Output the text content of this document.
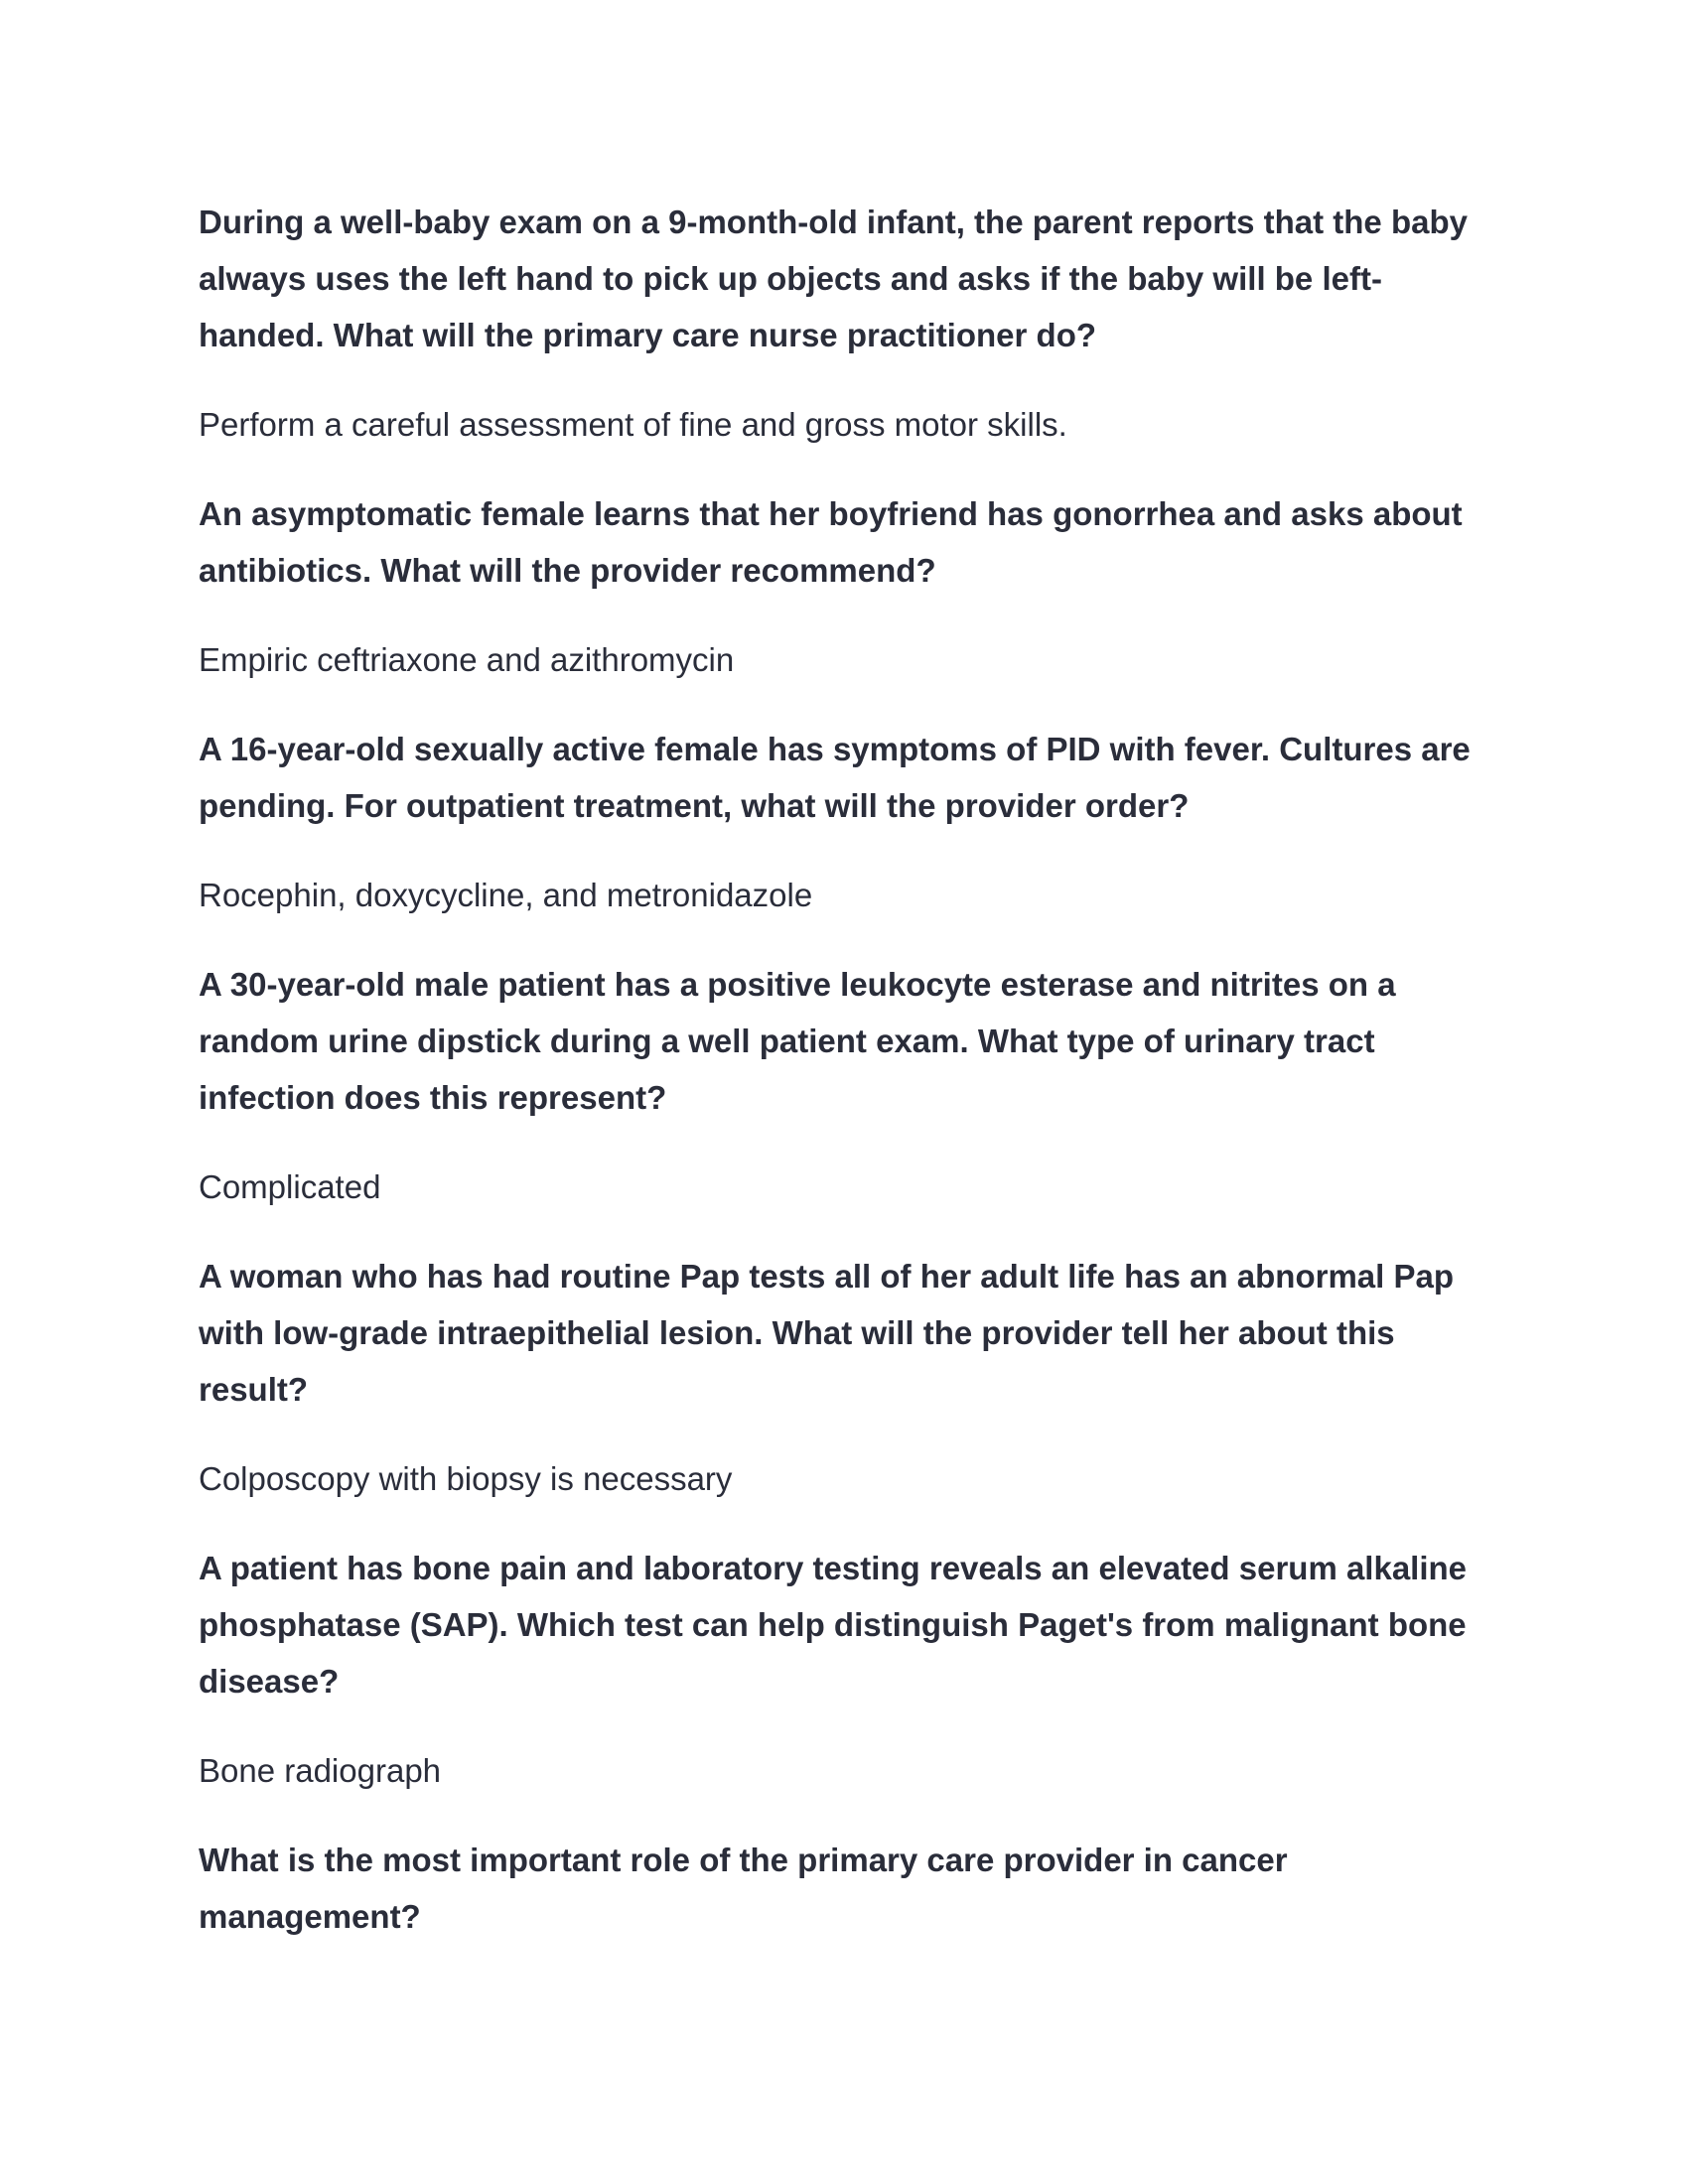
During a well-baby exam on a 9-month-old infant, the parent reports that the baby always uses the left hand to pick up objects and asks if the baby will be left-handed. What will the primary care nurse practitioner do?

Perform a careful assessment of fine and gross motor skills.

An asymptomatic female learns that her boyfriend has gonorrhea and asks about antibiotics. What will the provider recommend?

Empiric ceftriaxone and azithromycin

A 16-year-old sexually active female has symptoms of PID with fever. Cultures are pending. For outpatient treatment, what will the provider order?

Rocephin, doxycycline, and metronidazole

A 30-year-old male patient has a positive leukocyte esterase and nitrites on a random urine dipstick during a well patient exam. What type of urinary tract infection does this represent?

Complicated

A woman who has had routine Pap tests all of her adult life has an abnormal Pap with low-grade intraepithelial lesion. What will the provider tell her about this result?

Colposcopy with biopsy is necessary

A patient has bone pain and laboratory testing reveals an elevated serum alkaline phosphatase (SAP). Which test can help distinguish Paget's from malignant bone disease?

Bone radiograph

What is the most important role of the primary care provider in cancer management?
